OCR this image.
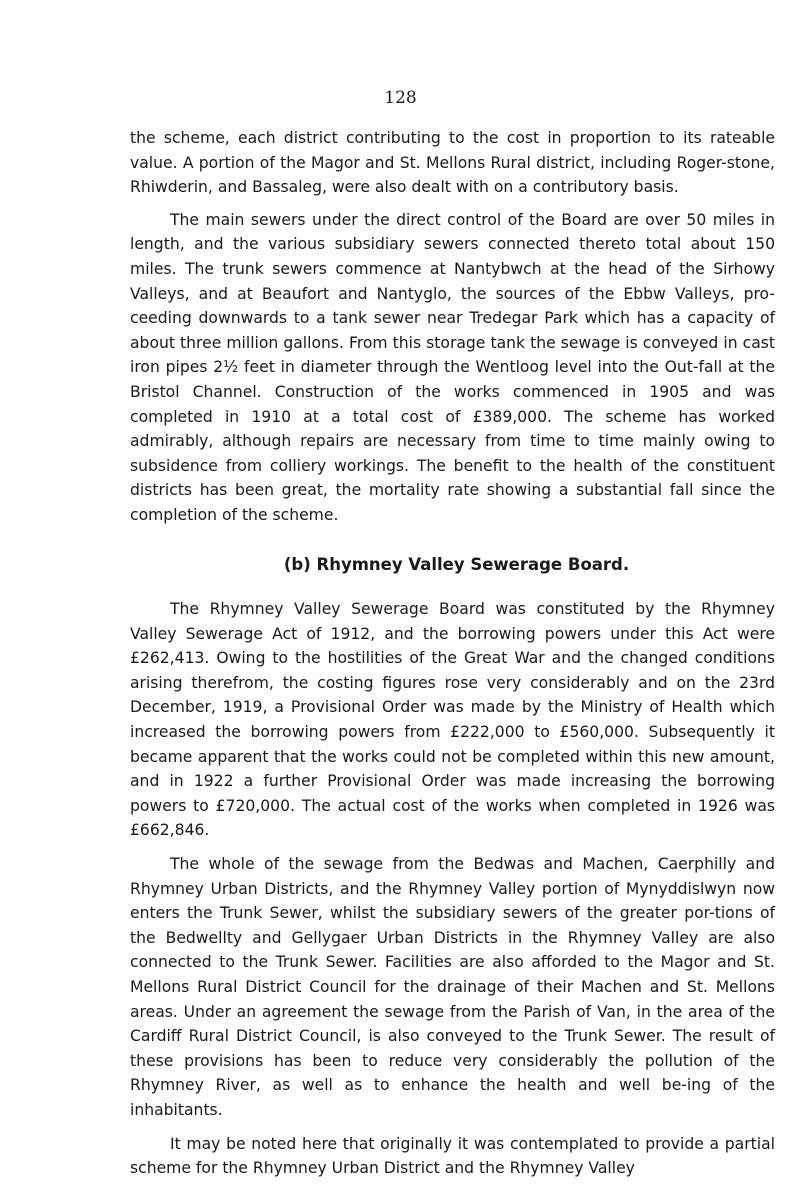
128

the scheme, each district contributing to the cost in proportion to its rateable value. A portion of the Magor and St. Mellons Rural district, including Roger-stone, Rhiwderin, and Bassaleg, were also dealt with on a contributory basis.

The main sewers under the direct control of the Board are over 50 miles in length, and the various subsidiary sewers connected thereto total about 150 miles. The trunk sewers commence at Nantybwch at the head of the Sirhowy Valleys, and at Beaufort and Nantyglo, the sources of the Ebbw Valleys, pro-ceeding downwards to a tank sewer near Tredegar Park which has a capacity of about three million gallons. From this storage tank the sewage is conveyed in cast iron pipes 2½ feet in diameter through the Wentloog level into the Out-fall at the Bristol Channel. Construction of the works commenced in 1905 and was completed in 1910 at a total cost of £389,000. The scheme has worked admirably, although repairs are necessary from time to time mainly owing to subsidence from colliery workings. The benefit to the health of the constituent districts has been great, the mortality rate showing a substantial fall since the completion of the scheme.

(b) Rhymney Valley Sewerage Board.

The Rhymney Valley Sewerage Board was constituted by the Rhymney Valley Sewerage Act of 1912, and the borrowing powers under this Act were £262,413. Owing to the hostilities of the Great War and the changed conditions arising therefrom, the costing figures rose very considerably and on the 23rd December, 1919, a Provisional Order was made by the Ministry of Health which increased the borrowing powers from £222,000 to £560,000. Subsequently it became apparent that the works could not be completed within this new amount, and in 1922 a further Provisional Order was made increasing the borrowing powers to £720,000. The actual cost of the works when completed in 1926 was £662,846.

The whole of the sewage from the Bedwas and Machen, Caerphilly and Rhymney Urban Districts, and the Rhymney Valley portion of Mynyddislwyn now enters the Trunk Sewer, whilst the subsidiary sewers of the greater por-tions of the Bedwellty and Gellygaer Urban Districts in the Rhymney Valley are also connected to the Trunk Sewer. Facilities are also afforded to the Magor and St. Mellons Rural District Council for the drainage of their Machen and St. Mellons areas. Under an agreement the sewage from the Parish of Van, in the area of the Cardiff Rural District Council, is also conveyed to the Trunk Sewer. The result of these provisions has been to reduce very considerably the pollution of the Rhymney River, as well as to enhance the health and well be-ing of the inhabitants.

It may be noted here that originally it was contemplated to provide a partial scheme for the Rhymney Urban District and the Rhymney Valley
